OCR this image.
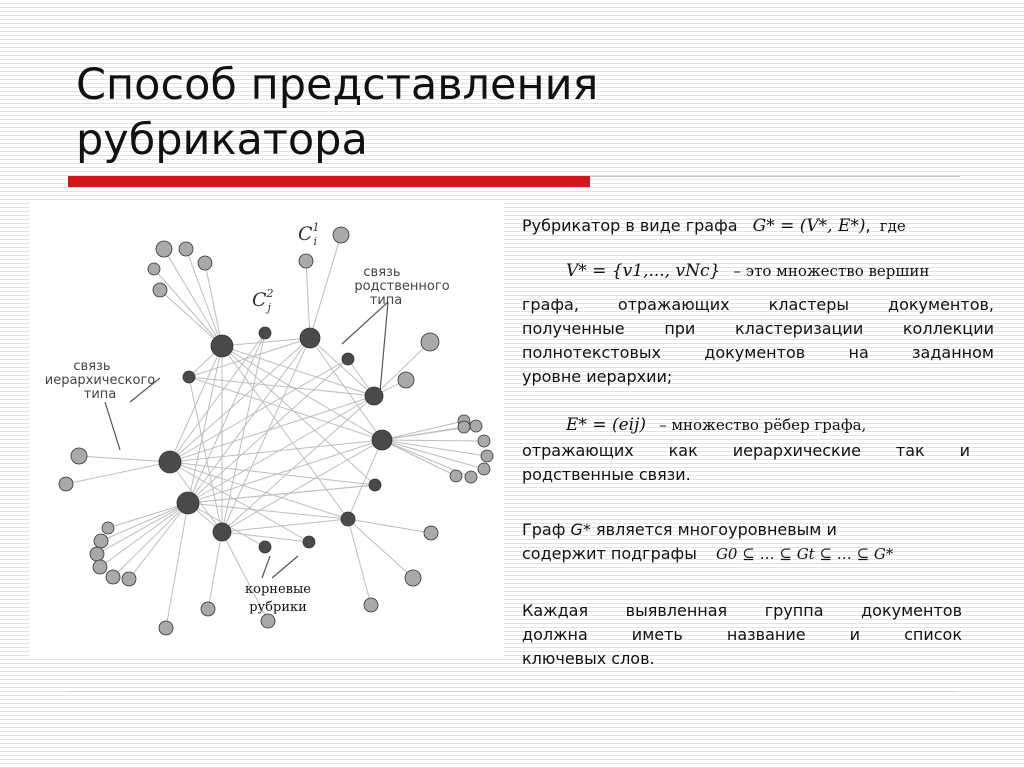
Способ представления
рубрикатора
$C^1$ i
$C^2$ j
связь
родственного
типа
связь
иерархического
типа
корневые
рубрики
Рубрикатор в виде графа G* = (V*, E*), где
V* = {v1,..., vNc} – это множество вершин
графа, отражающих кластеры документов,
полученные при кластеризации коллекции
полнотекстовых документов на заданном
уровне иерархии;
E* = (eij) – множество рёбер графа,
отражающих как иерархические так и
родственные связи.
Граф G* является многоуровневым и
содержит подграфы G0 ⊆ … ⊆ Gt ⊆ … ⊆ G*
Каждая выявленная группа документов
должна иметь название и список
ключевых слов.
